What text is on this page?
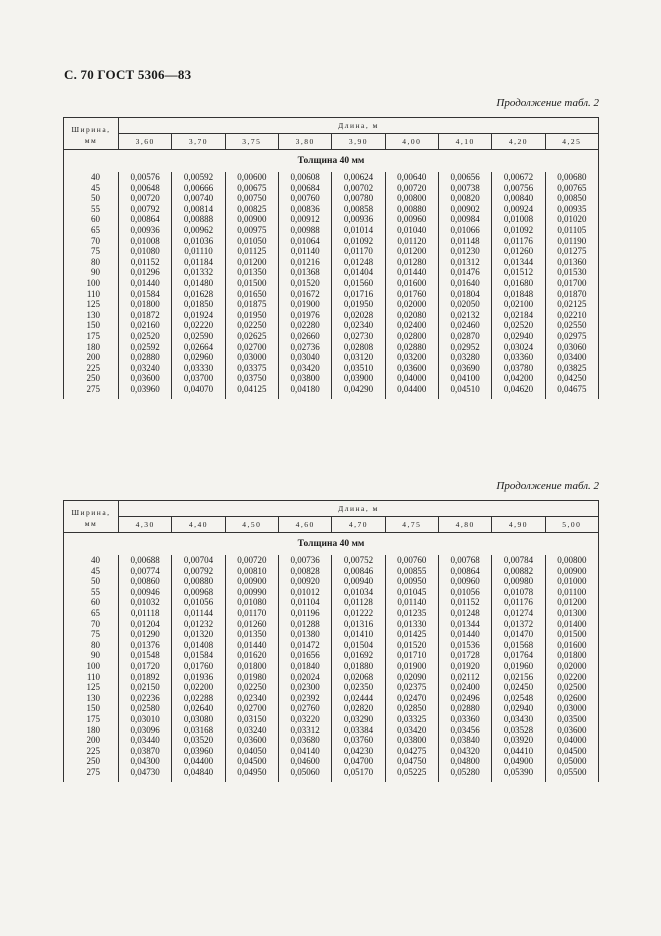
С. 70 ГОСТ 5306—83
Продолжение табл. 2
Ширина,
мм	Длина, м								
	3,60	3,70	3,75	3,80	3,90	4,00	4,10	4,20	4,25
Толщина 40 мм									
40	0,00576	0,00592	0,00600	0,00608	0,00624	0,00640	0,00656	0,00672	0,00680
45	0,00648	0,00666	0,00675	0,00684	0,00702	0,00720	0,00738	0,00756	0,00765
50	0,00720	0,00740	0,00750	0,00760	0,00780	0,00800	0,00820	0,00840	0,00850
55	0,00792	0,00814	0,00825	0,00836	0,00858	0,00880	0,00902	0,00924	0,00935
60	0,00864	0,00888	0,00900	0,00912	0,00936	0,00960	0,00984	0,01008	0,01020
65	0,00936	0,00962	0,00975	0,00988	0,01014	0,01040	0,01066	0,01092	0,01105
70	0,01008	0,01036	0,01050	0,01064	0,01092	0,01120	0,01148	0,01176	0,01190
75	0,01080	0,01110	0,01125	0,01140	0,01170	0,01200	0,01230	0,01260	0,01275
80	0,01152	0,01184	0,01200	0,01216	0,01248	0,01280	0,01312	0,01344	0,01360
90	0,01296	0,01332	0,01350	0,01368	0,01404	0,01440	0,01476	0,01512	0,01530
100	0,01440	0,01480	0,01500	0,01520	0,01560	0,01600	0,01640	0,01680	0,01700
110	0,01584	0,01628	0,01650	0,01672	0,01716	0,01760	0,01804	0,01848	0,01870
125	0,01800	0,01850	0,01875	0,01900	0,01950	0,02000	0,02050	0,02100	0,02125
130	0,01872	0,01924	0,01950	0,01976	0,02028	0,02080	0,02132	0,02184	0,02210
150	0,02160	0,02220	0,02250	0,02280	0,02340	0,02400	0,02460	0,02520	0,02550
175	0,02520	0,02590	0,02625	0,02660	0,02730	0,02800	0,02870	0,02940	0,02975
180	0,02592	0,02664	0,02700	0,02736	0,02808	0,02880	0,02952	0,03024	0,03060
200	0,02880	0,02960	0,03000	0,03040	0,03120	0,03200	0,03280	0,03360	0,03400
225	0,03240	0,03330	0,03375	0,03420	0,03510	0,03600	0,03690	0,03780	0,03825
250	0,03600	0,03700	0,03750	0,03800	0,03900	0,04000	0,04100	0,04200	0,04250
275	0,03960	0,04070	0,04125	0,04180	0,04290	0,04400	0,04510	0,04620	0,04675
Продолжение табл. 2
Ширина,
мм	Длина, м								
	4,30	4,40	4,50	4,60	4,70	4,75	4,80	4,90	5,00
Толщина 40 мм									
40	0,00688	0,00704	0,00720	0,00736	0,00752	0,00760	0,00768	0,00784	0,00800
45	0,00774	0,00792	0,00810	0,00828	0,00846	0,00855	0,00864	0,00882	0,00900
50	0,00860	0,00880	0,00900	0,00920	0,00940	0,00950	0,00960	0,00980	0,01000
55	0,00946	0,00968	0,00990	0,01012	0,01034	0,01045	0,01056	0,01078	0,01100
60	0,01032	0,01056	0,01080	0,01104	0,01128	0,01140	0,01152	0,01176	0,01200
65	0,01118	0,01144	0,01170	0,01196	0,01222	0,01235	0,01248	0,01274	0,01300
70	0,01204	0,01232	0,01260	0,01288	0,01316	0,01330	0,01344	0,01372	0,01400
75	0,01290	0,01320	0,01350	0,01380	0,01410	0,01425	0,01440	0,01470	0,01500
80	0,01376	0,01408	0,01440	0,01472	0,01504	0,01520	0,01536	0,01568	0,01600
90	0,01548	0,01584	0,01620	0,01656	0,01692	0,01710	0,01728	0,01764	0,01800
100	0,01720	0,01760	0,01800	0,01840	0,01880	0,01900	0,01920	0,01960	0,02000
110	0,01892	0,01936	0,01980	0,02024	0,02068	0,02090	0,02112	0,02156	0,02200
125	0,02150	0,02200	0,02250	0,02300	0,02350	0,02375	0,02400	0,02450	0,02500
130	0,02236	0,02288	0,02340	0,02392	0,02444	0,02470	0,02496	0,02548	0,02600
150	0,02580	0,02640	0,02700	0,02760	0,02820	0,02850	0,02880	0,02940	0,03000
175	0,03010	0,03080	0,03150	0,03220	0,03290	0,03325	0,03360	0,03430	0,03500
180	0,03096	0,03168	0,03240	0,03312	0,03384	0,03420	0,03456	0,03528	0,03600
200	0,03440	0,03520	0,03600	0,03680	0,03760	0,03800	0,03840	0,03920	0,04000
225	0,03870	0,03960	0,04050	0,04140	0,04230	0,04275	0,04320	0,04410	0,04500
250	0,04300	0,04400	0,04500	0,04600	0,04700	0,04750	0,04800	0,04900	0,05000
275	0,04730	0,04840	0,04950	0,05060	0,05170	0,05225	0,05280	0,05390	0,05500
